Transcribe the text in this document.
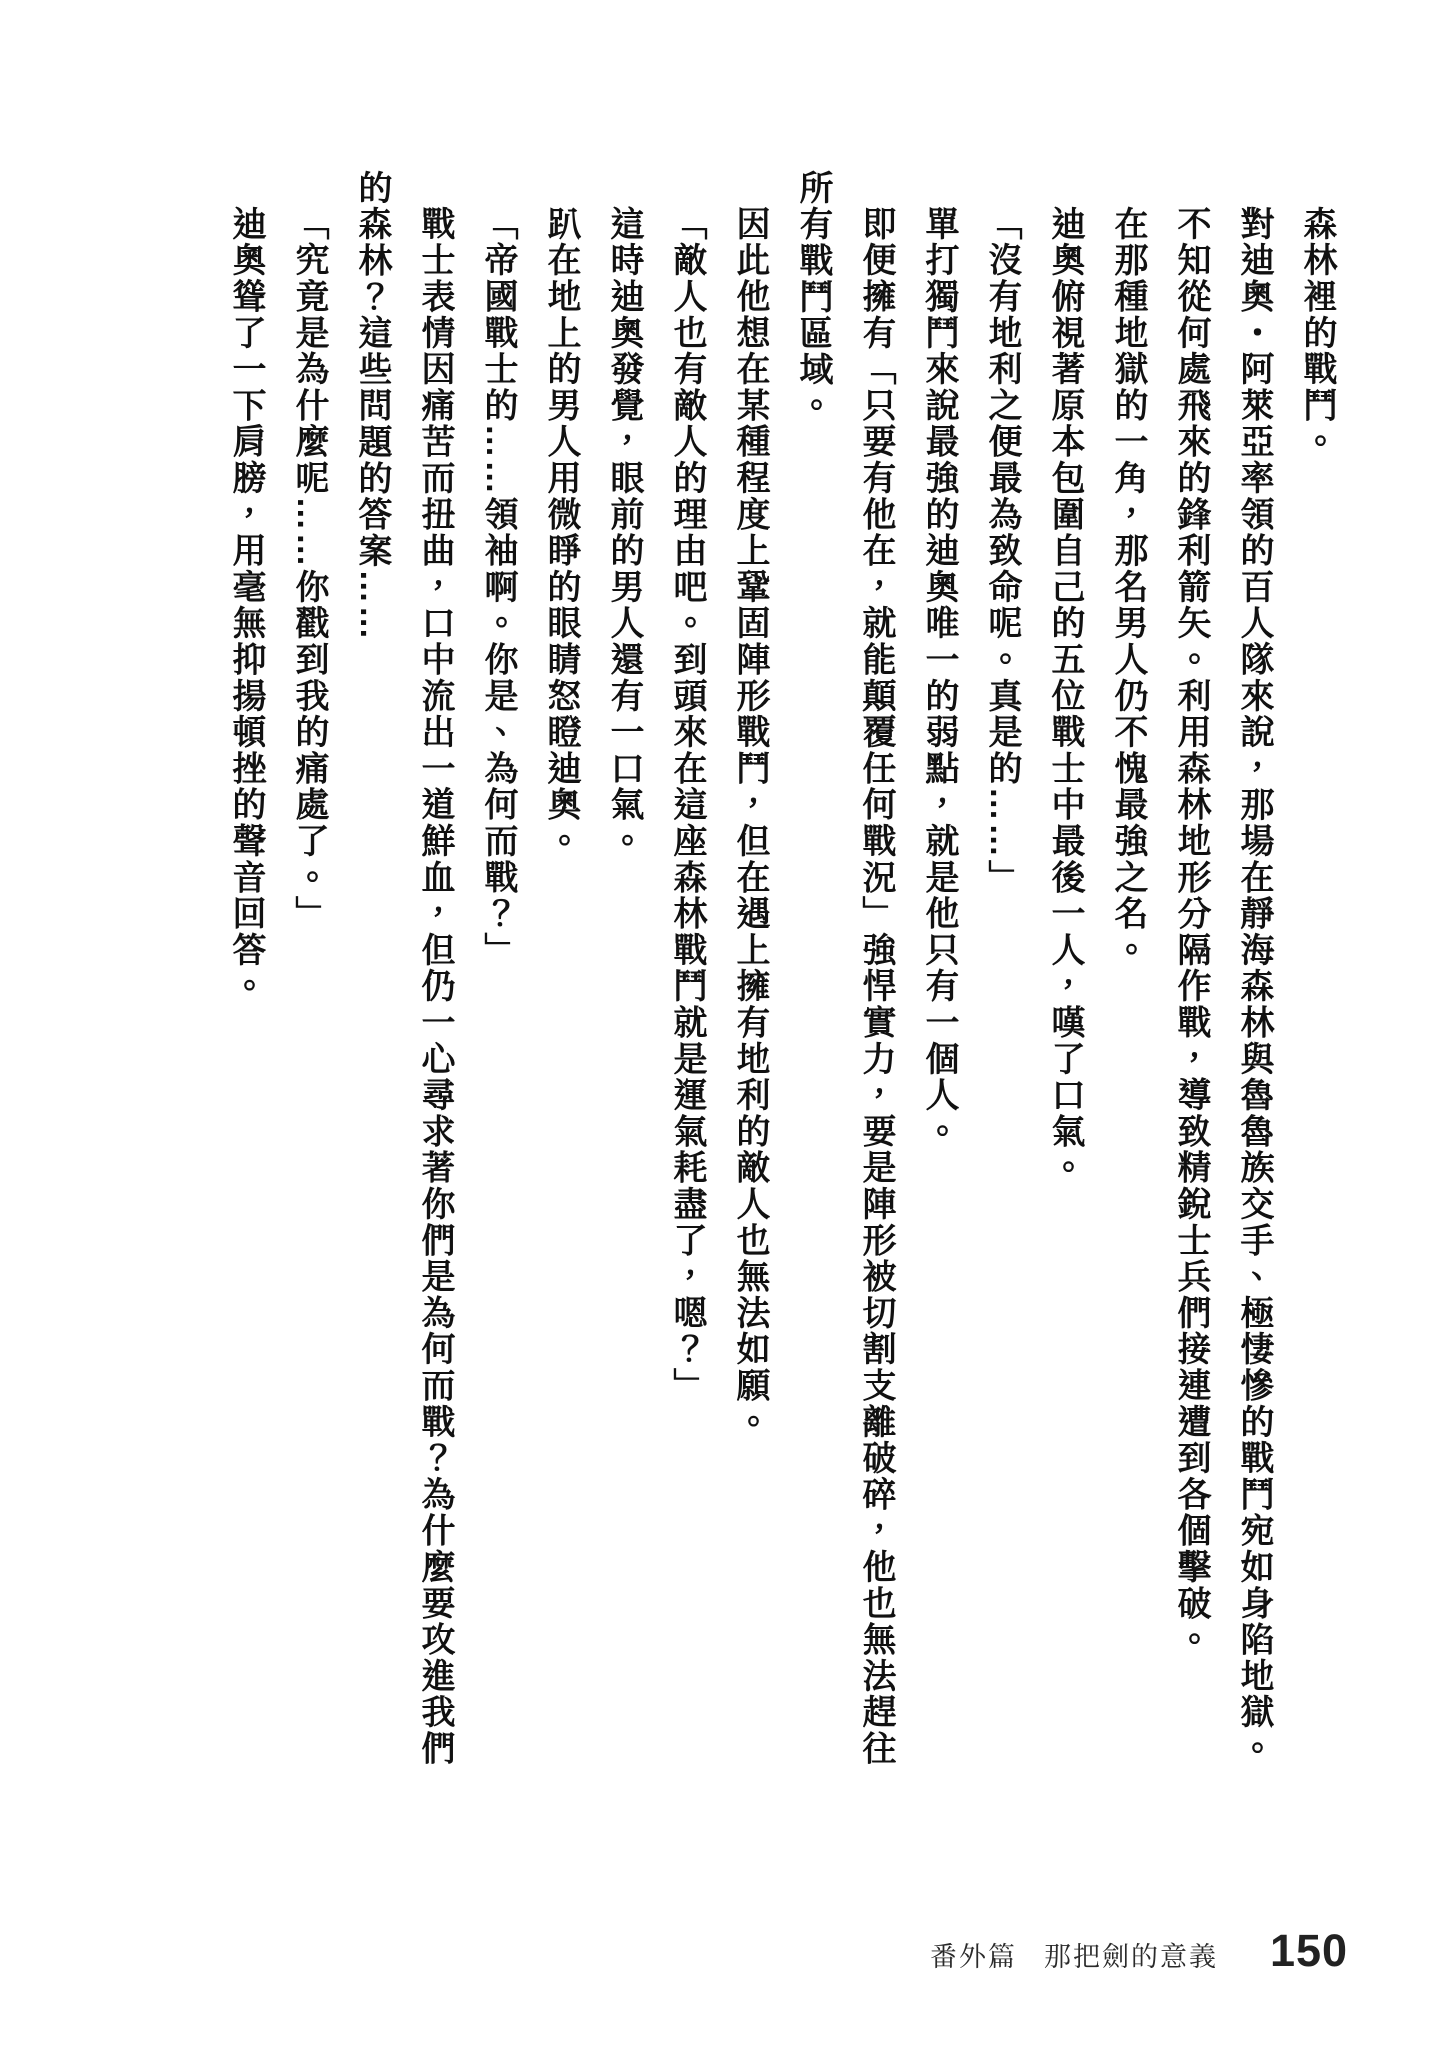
森林裡的戰鬥。

對迪奧・阿萊亞率領的百人隊來說，那場在靜海森林與魯魯族交手、極悽慘的戰鬥宛如身陷地獄。

不知從何處飛來的鋒利箭矢。利用森林地形分隔作戰，導致精銳士兵們接連遭到各個擊破。

在那種地獄的一角，那名男人仍不愧最強之名。

迪奧俯視著原本包圍自己的五位戰士中最後一人，嘆了口氣。

「沒有地利之便最為致命呢。真是的……」

單打獨鬥來說最強的迪奧唯一的弱點，就是他只有一個人。

即便擁有「只要有他在，就能顛覆任何戰況」強悍實力，要是陣形被切割支離破碎，他也無法趕往所有戰鬥區域。

因此他想在某種程度上鞏固陣形戰鬥，但在遇上擁有地利的敵人也無法如願。

「敵人也有敵人的理由吧。到頭來在這座森林戰鬥就是運氣耗盡了，嗯？」

這時迪奧發覺，眼前的男人還有一口氣。

趴在地上的男人用微睜的眼睛怒瞪迪奧。

「帝國戰士的……領袖啊。你是、為何而戰？」

戰士表情因痛苦而扭曲，口中流出一道鮮血，但仍一心尋求著你們是為何而戰？為什麼要攻進我們的森林？這些問題的答案……

「究竟是為什麼呢……你戳到我的痛處了。」

迪奧聳了一下肩膀，用毫無抑揚頓挫的聲音回答。

番外篇 那把劍的意義 150
